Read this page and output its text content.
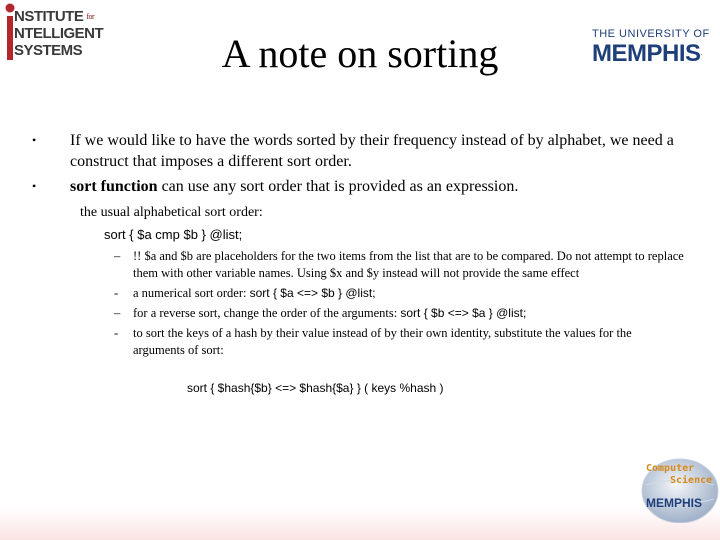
NSTITUTE $^{for}$
NTELLIGENT
SYSTEMS	A note on sorting	THE UNIVERSITY OF
MEMPHIS.
• If we would like to have the words sorted by their frequency instead of by alphabet, we need a construct that imposes a different sort order.
• sort function can use any sort order that is provided as an expression.
the usual alphabetical sort order:
sort { $a cmp $b } @list;
– !! $a and $b are placeholders for the two items from the list that are to be compared. Do not attempt to replace them with other variable names. Using $x and $y instead will not provide the same effect
- a numerical sort order: sort { $a <=> $b } @list;
– for a reverse sort, change the order of the arguments: sort { $b <=> $a } @list;
- to sort the keys of a hash by their value instead of by their own identity, substitute the values for the arguments of sort:
sort { $hash{$b} <=> $hash{$a} } ( keys %hash )
Computer
Science
MEMPHIS
